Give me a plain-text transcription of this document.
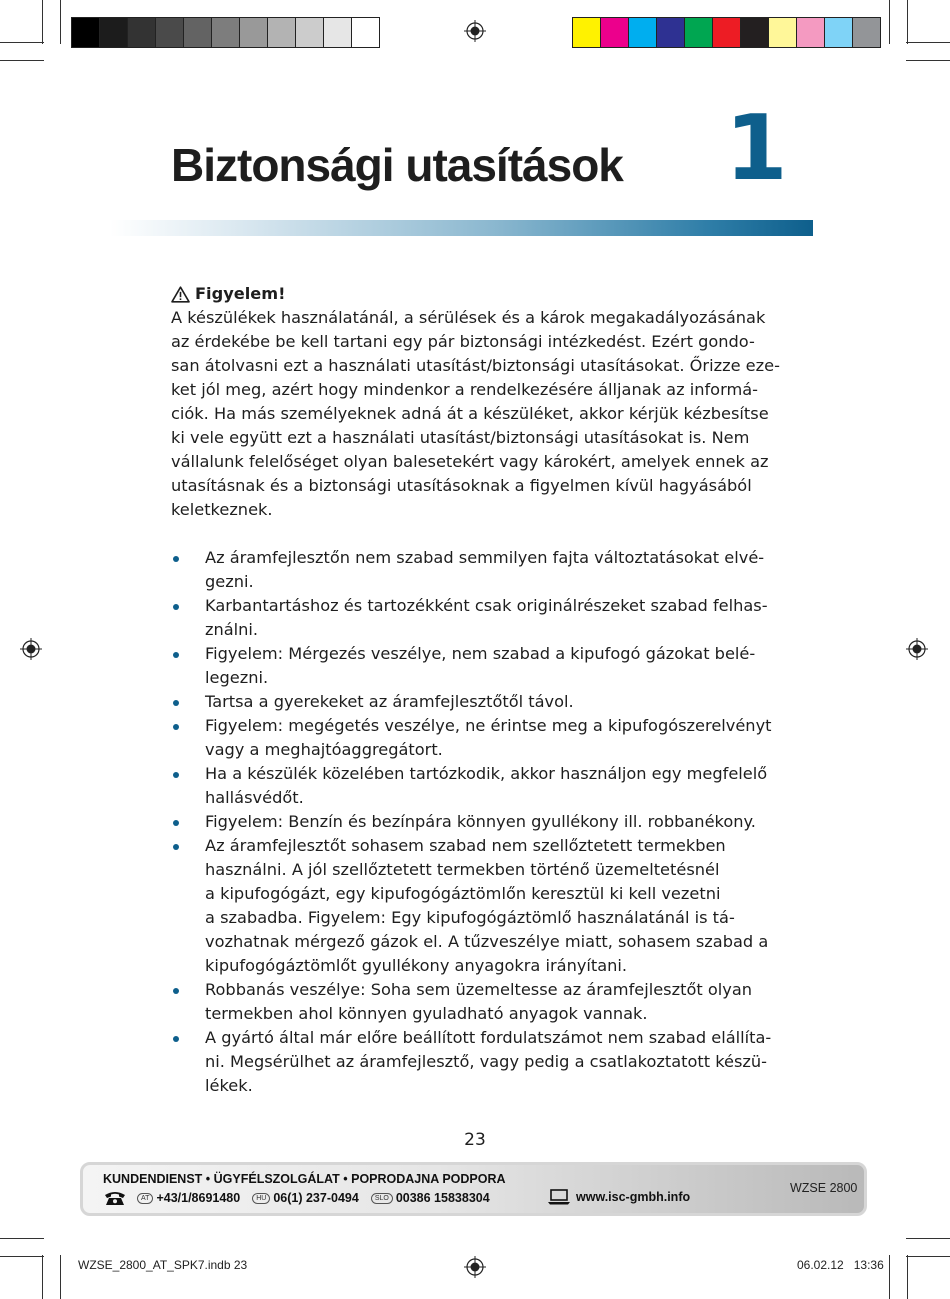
Biztonsági utasítások 1
Figyelem!

A készülékek használatánál, a sérülések és a károk megakadályozásának
az érdekébe be kell tartani egy pár biztonsági intézkedést. Ezért gondo-
san átolvasni ezt a használati utasítást/biztonsági utasításokat. Őrizze eze-
ket jól meg, azért hogy mindenkor a rendelkezésére álljanak az informá-
ciók. Ha más személyeknek adná át a készüléket, akkor kérjük kézbesítse
ki vele együtt ezt a használati utasítást/biztonsági utasításokat is. Nem
vállalunk felelőséget olyan balesetekért vagy károkért, amelyek ennek az
utasításnak és a biztonsági utasításoknak a figyelmen kívül hagyásából
keletkeznek.

Az áramfejlesztőn nem szabad semmilyen fajta változtatásokat elvé-
gezni.
Karbantartáshoz és tartozékként csak originálrészeket szabad felhas-
ználni.
Figyelem: Mérgezés veszélye, nem szabad a kipufogó gázokat belé-
legezni.
Tartsa a gyerekeket az áramfejlesztőtől távol.
Figyelem: megégetés veszélye, ne érintse meg a kipufogószerelvényt
vagy a meghajtóaggregátort.
Ha a készülék közelében tartózkodik, akkor használjon egy megfelelő
hallásvédőt.
Figyelem: Benzín és bezínpára könnyen gyullékony ill. robbanékony.
Az áramfejlesztőt sohasem szabad nem szellőztetett termekben
használni. A jól szellőztetett termekben történő üzemeltetésnél
a kipufogógázt, egy kipufogógáztömlőn keresztül ki kell vezetni
a szabadba. Figyelem: Egy kipufogógáztömlő használatánál is tá-
vozhatnak mérgező gázok el. A tűzveszélye miatt, sohasem szabad a
kipufogógáztömlőt gyullékony anyagokra irányítani.
Robbanás veszélye: Soha sem üzemeltesse az áramfejlesztőt olyan
termekben ahol könnyen gyuladható anyagok vannak.
A gyártó által már előre beállított fordulatszámot nem szabad elállíta-
ni. Megsérülhet az áramfejlesztő, vagy pedig a csatlakoztatott készü-
lékek.
23
KUNDENDIENST • ÜGYFÉLSZOLGÁLAT • POPRODAJNA PODPORA
AT +43/1/8691480	HU 06(1) 237-0494	SLO 00386 15838304	www.isc-gmbh.info
WZSE 2800
WZSE_2800_AT_SPK7.indb 23	06.02.12 13:36
